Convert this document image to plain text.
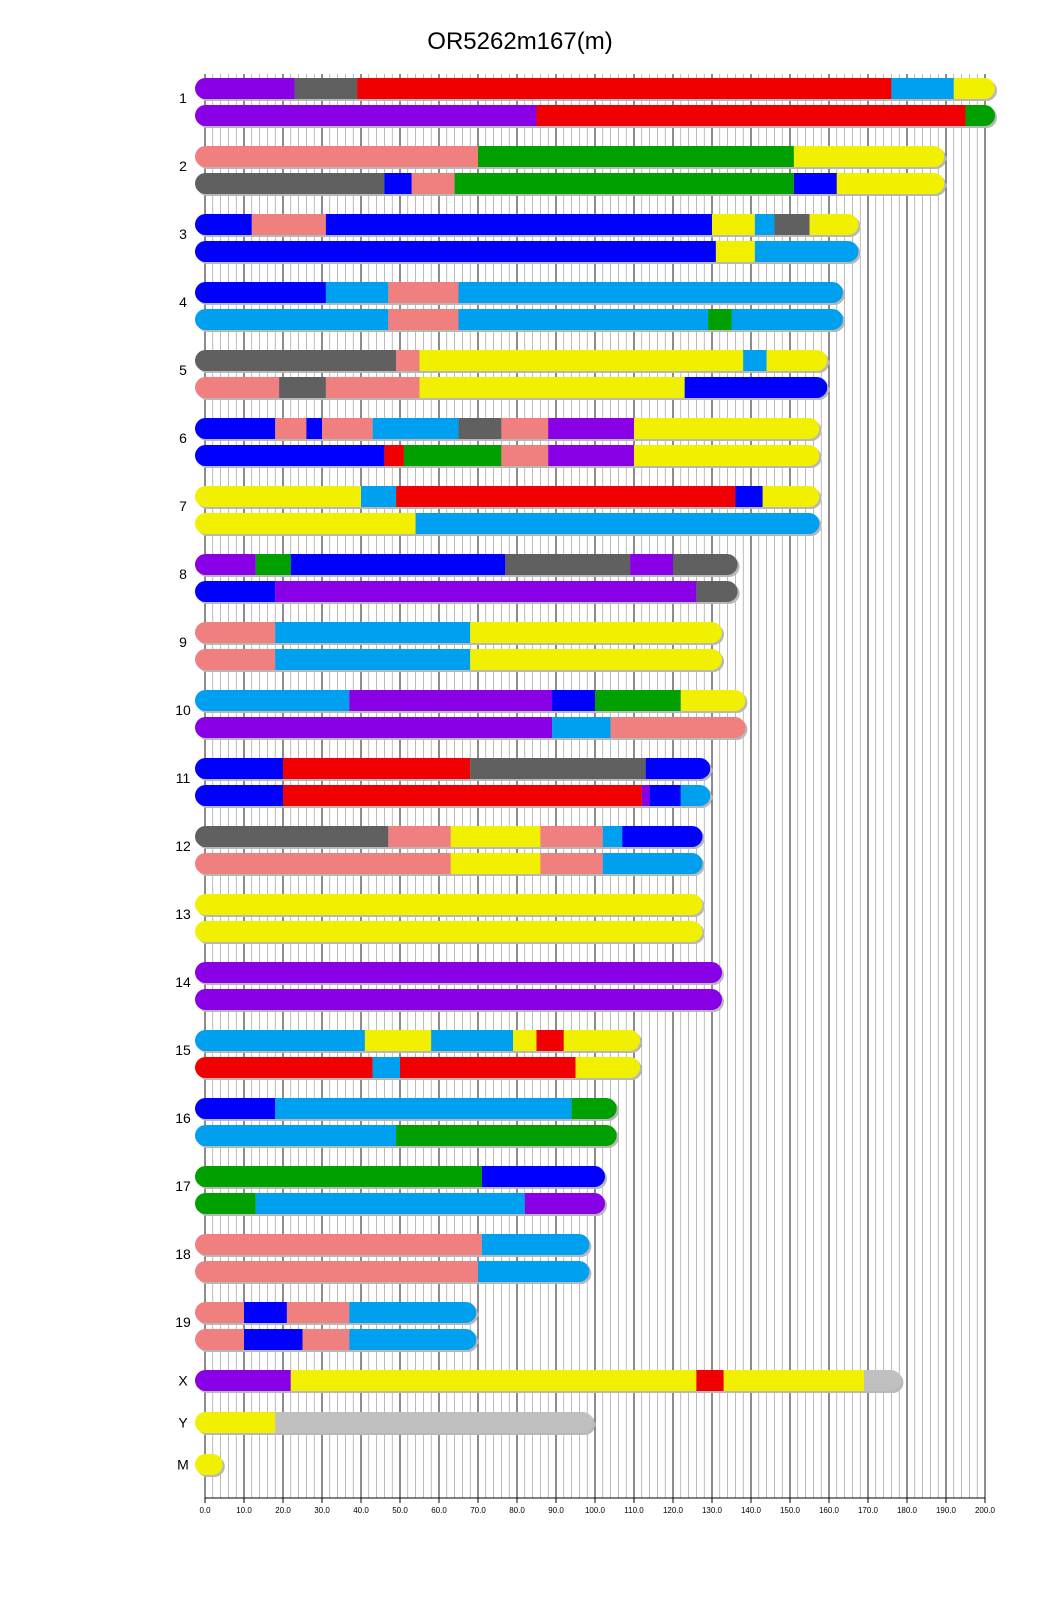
OR5262m167(m)
1
2
3
4
5
6
7
8
9
10
11
12
13
14
15
16
17
18
19
X
Y
M
0.0	10.0	20.0	30.0	40.0	50.0	60.0	70.0	80.0	90.0	100.0 110.0 120.0 130.0 140.0 150.0 160.0 170.0 180.0 190.0 200.0
